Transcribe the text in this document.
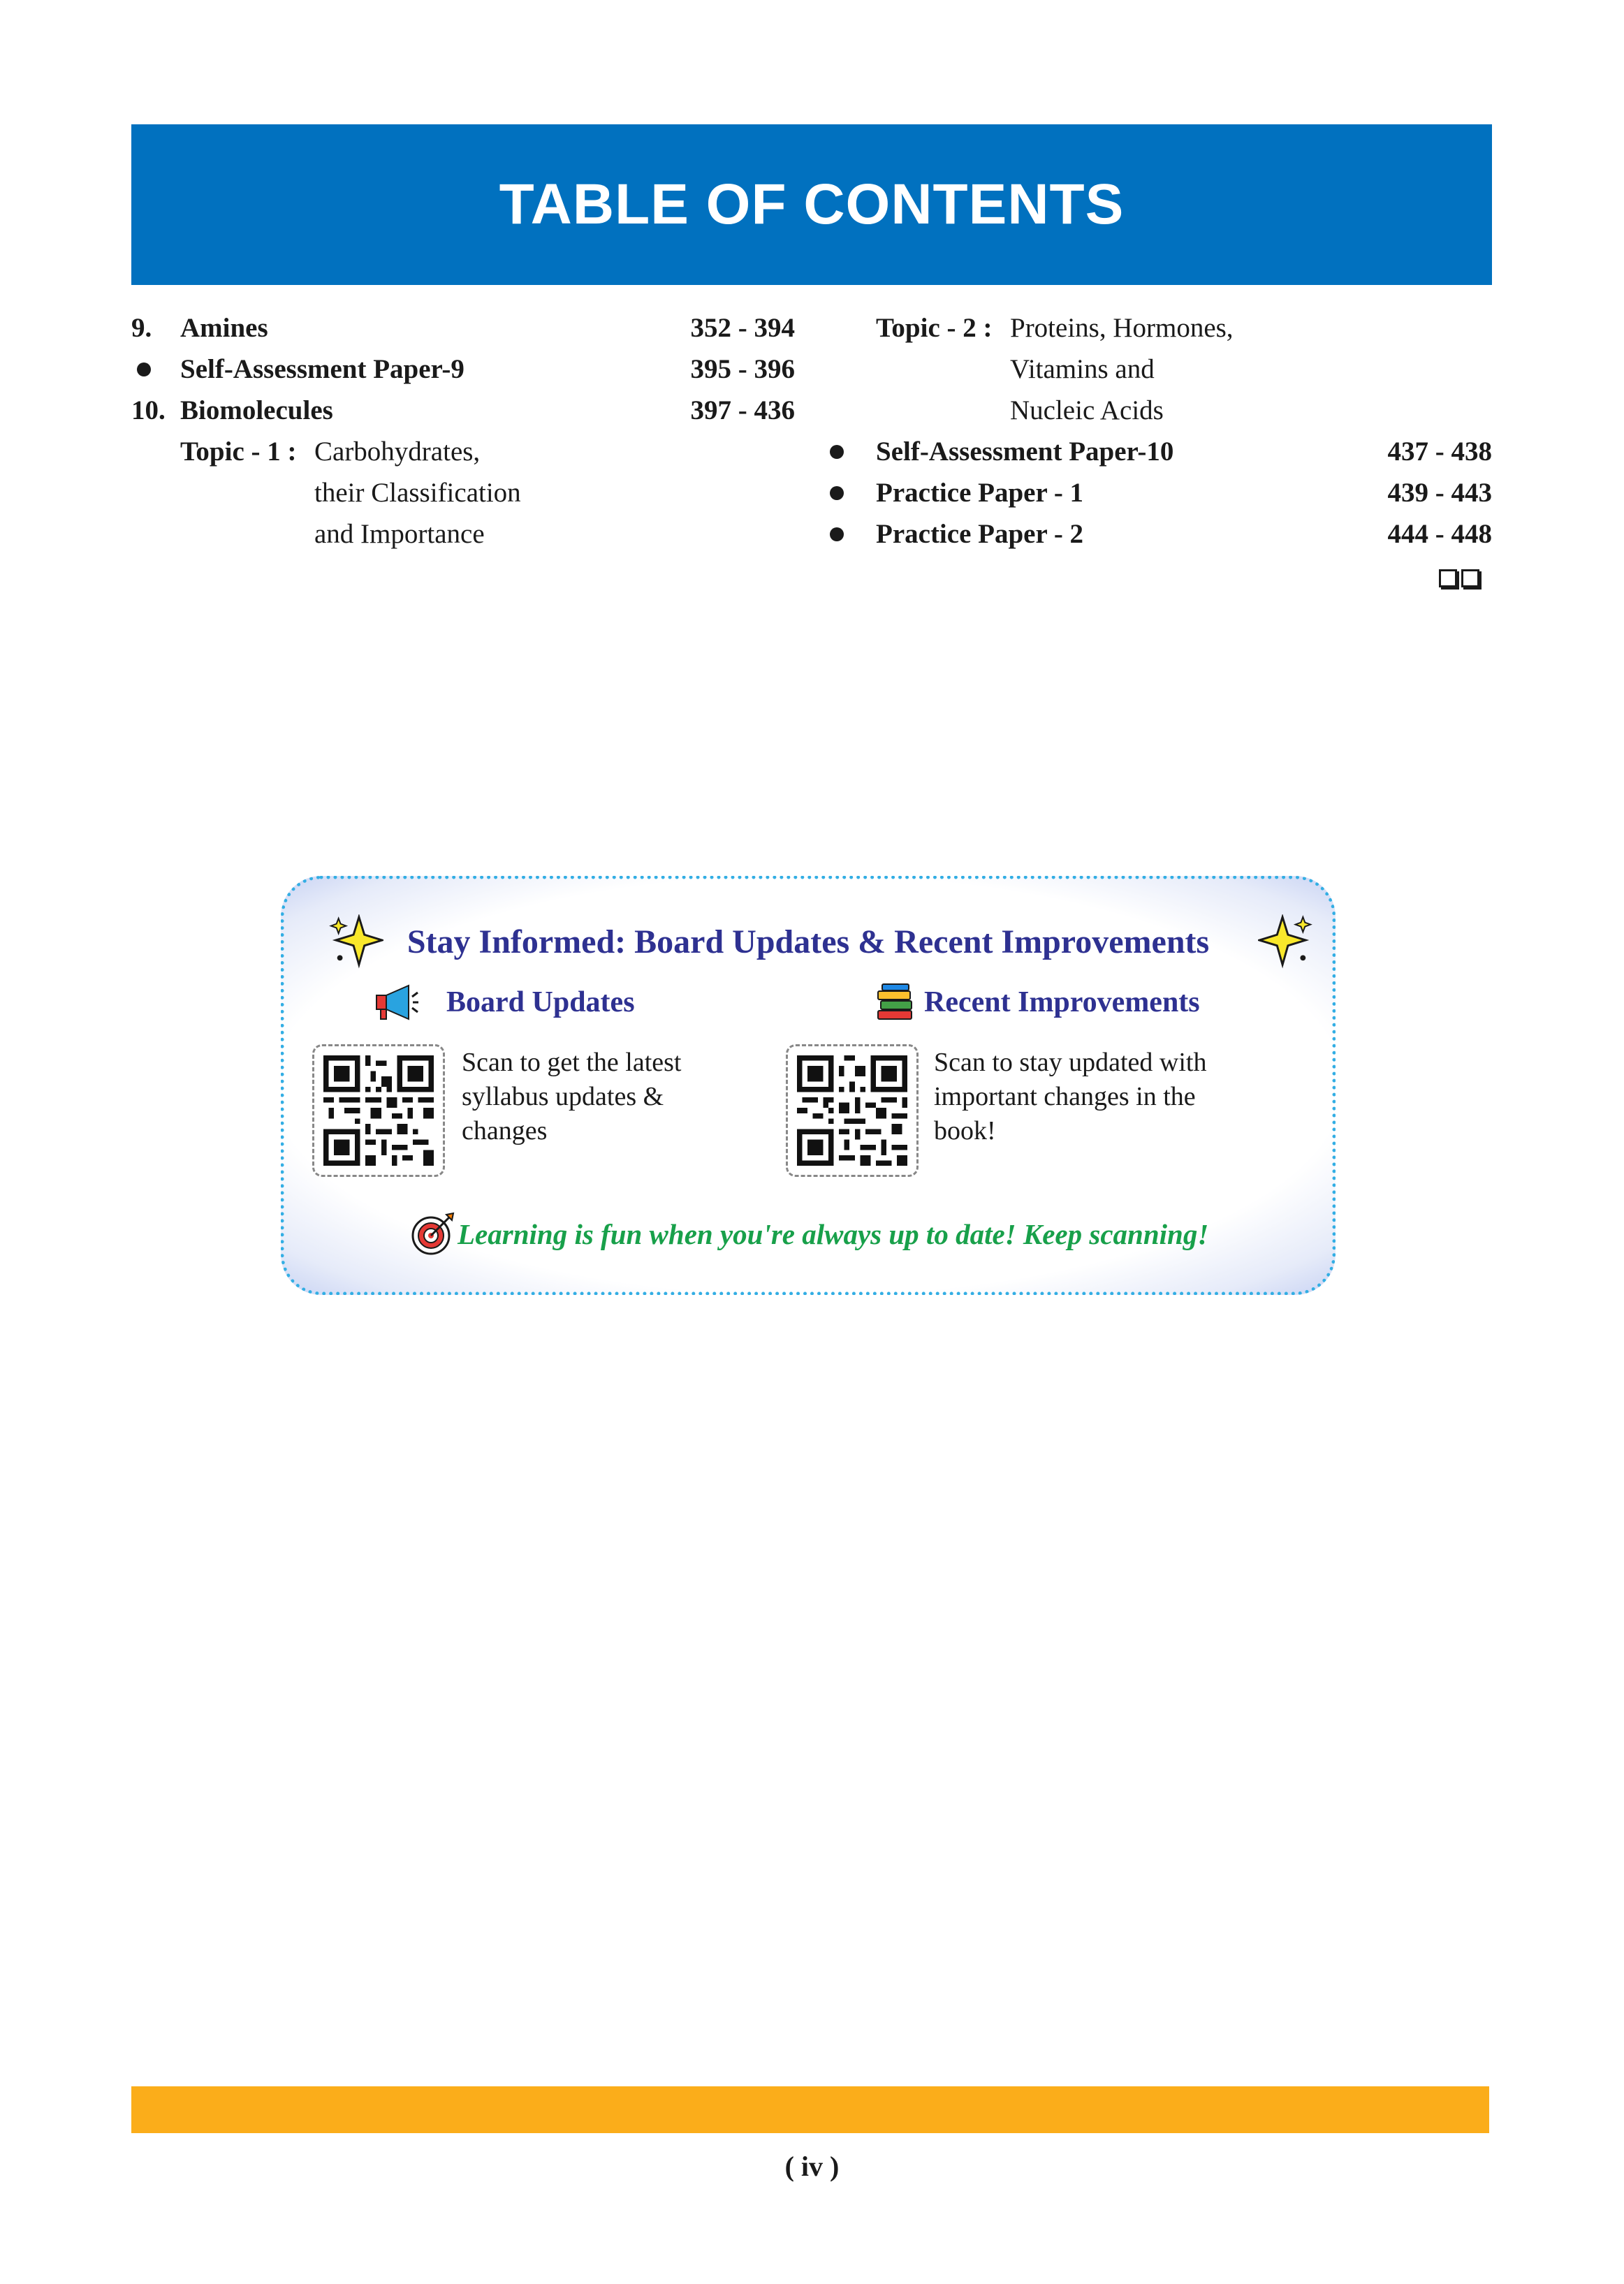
TABLE OF CONTENTS
9. Amines	352 - 394
Self-Assessment Paper-9	395 - 396
10. Biomolecules	397 - 436
Topic - 1 : Carbohydrates,
their Classification
and Importance
Topic - 2 : Proteins, Hormones,
Vitamins and
Nucleic Acids
Self-Assessment Paper-10	437 - 438
Practice Paper - 1	439 - 443
Practice Paper - 2	444 - 448
Stay Informed: Board Updates & Recent Improvements
Board Updates
Scan to get the latest
syllabus updates &
changes
Recent Improvements
Scan to stay updated with
important changes in the
book!
Learning is fun when you're always up to date! Keep scanning!
( iv )
